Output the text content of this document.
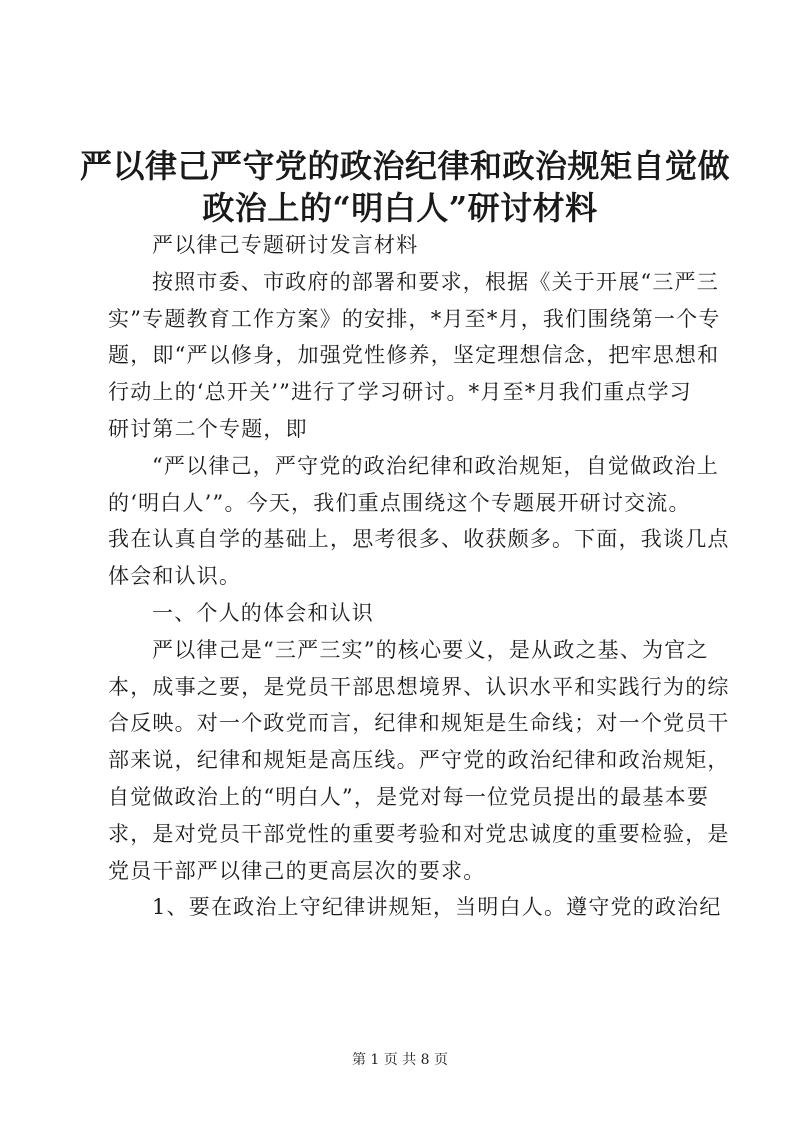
严以律己严守党的政治纪律和政治规矩自觉做
政治上的“明白人”研讨材料
严以律己专题研讨发言材料
按照市委、市政府的部署和要求，根据《关于开展“三严三
实”专题教育工作方案》的安排，*月至*月，我们围绕第一个专
题，即“严以修身，加强党性修养，坚定理想信念，把牢思想和
行动上的‘总开关’”进行了学习研讨。*月至*月我们重点学习
研讨第二个专题，即
“严以律己，严守党的政治纪律和政治规矩，自觉做政治上
的‘明白人’”。今天，我们重点围绕这个专题展开研讨交流。
我在认真自学的基础上，思考很多、收获颇多。下面，我谈几点
体会和认识。
一、个人的体会和认识
严以律己是“三严三实”的核心要义，是从政之基、为官之
本，成事之要，是党员干部思想境界、认识水平和实践行为的综
合反映。对一个政党而言，纪律和规矩是生命线；对一个党员干
部来说，纪律和规矩是高压线。严守党的政治纪律和政治规矩，
自觉做政治上的“明白人”，是党对每一位党员提出的最基本要
求，是对党员干部党性的重要考验和对党忠诚度的重要检验，是
党员干部严以律己的更高层次的要求。
1、要在政治上守纪律讲规矩，当明白人。遵守党的政治纪
第 1 页 共 8 页
